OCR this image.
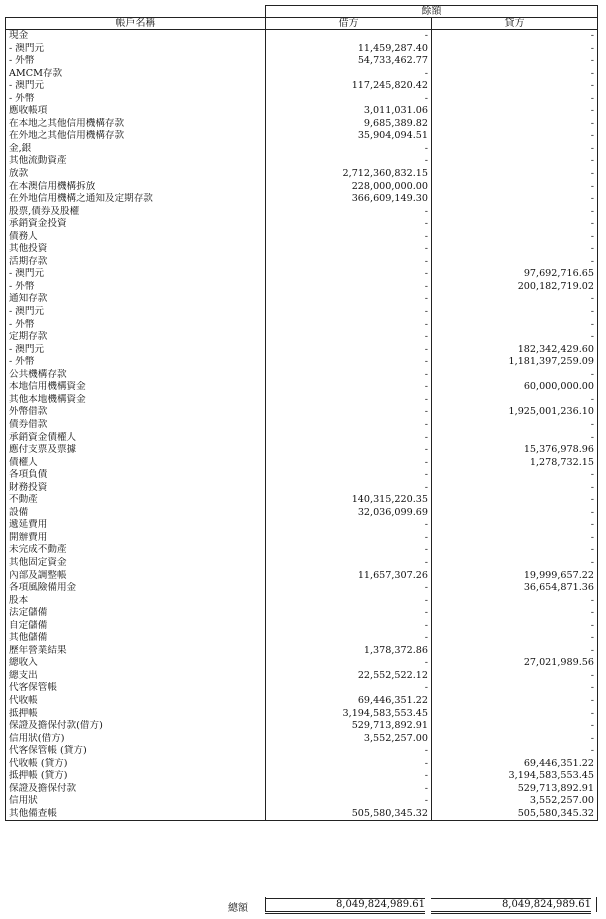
	餘額	
帳戶名稱	借方	貸方
現金	-	-
- 澳門元	11,459,287.40	-
- 外幣	54,733,462.77	-
AMCM存款	-	-
- 澳門元	117,245,820.42	-
- 外幣	-	-
應收帳項	3,011,031.06	-
在本地之其他信用機構存款	9,685,389.82	-
在外地之其他信用機構存款	35,904,094.51	-
金,銀	-	-
其他流動資產	-	-
放款	2,712,360,832.15	-
在本澳信用機構拆放	228,000,000.00	-
在外地信用機構之通知及定期存款	366,609,149.30	-
股票,債券及股權	-	-
承銷資金投資	-	-
債務人	-	-
其他投資	-	-
活期存款	-	-
- 澳門元	-	97,692,716.65
- 外幣	-	200,182,719.02
通知存款	-	-
- 澳門元	-	-
- 外幣	-	-
定期存款	-	-
- 澳門元	-	182,342,429.60
- 外幣	-	1,181,397,259.09
公共機構存款	-	-
本地信用機構資金	-	60,000,000.00
其他本地機構資金	-	-
外幣借款	-	1,925,001,236.10
債券借款	-	-
承銷資金債權人	-	-
應付支票及票據	-	15,376,978.96
債權人	-	1,278,732.15
各項負債	-	-
財務投資	-	-
不動產	140,315,220.35	-
設備	32,036,099.69	-
遞延費用	-	-
開辦費用	-	-
未完成不動產	-	-
其他固定資金	-	-
內部及調整帳	11,657,307.26	19,999,657.22
各項風險備用金	-	36,654,871.36
股本	-	-
法定儲備	-	-
自定儲備	-	-
其他儲備	-	-
歷年營業結果	1,378,372.86	-
總收入	-	27,021,989.56
總支出	22,552,522.12	-
代客保管帳	-	-
代收帳	69,446,351.22	-
抵押帳	3,194,583,553.45	-
保證及擔保付款(借方)	529,713,892.91	-
信用狀(借方)	3,552,257.00	-
代客保管帳 (貸方)	-	-
代收帳 (貸方)	-	69,446,351.22
抵押帳 (貸方)	-	3,194,583,553.45
保證及擔保付款	-	529,713,892.91
信用狀	-	3,552,257.00
其他備查帳	505,580,345.32	505,580,345.32
總額	8,049,824,989.61	8,049,824,989.61
